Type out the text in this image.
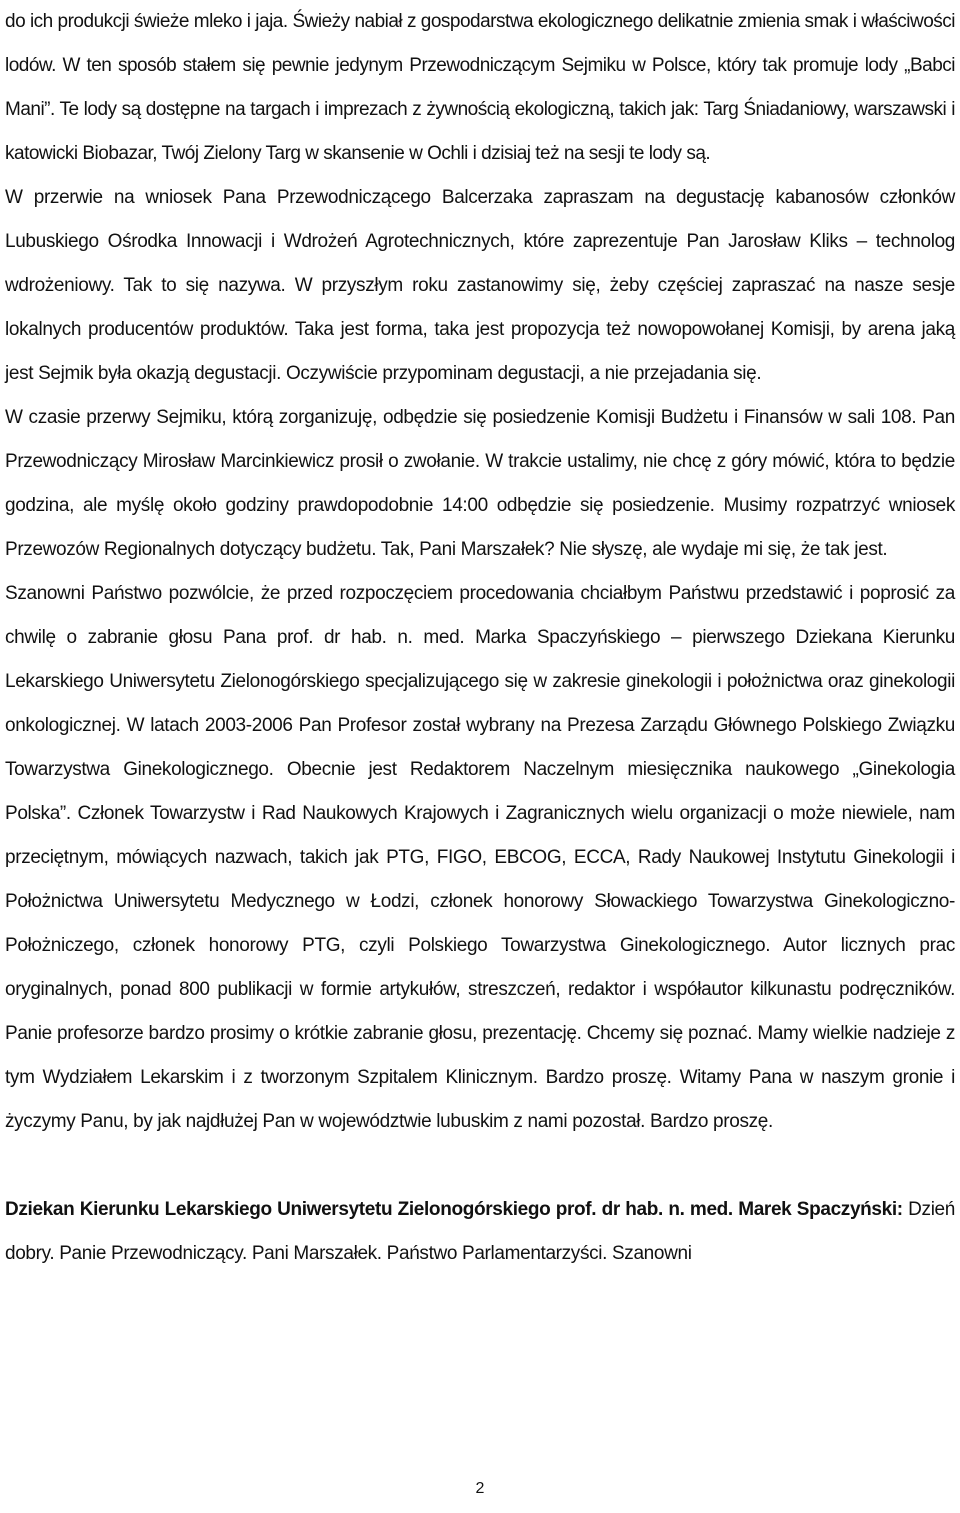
do ich produkcji świeże mleko i jaja. Świeży nabiał z gospodarstwa ekologicznego delikatnie zmienia smak i właściwości lodów. W ten sposób stałem się pewnie jedynym Przewodniczącym Sejmiku w Polsce, który tak promuje lody „Babci Mani”. Te lody są dostępne na targach i imprezach z żywnością ekologiczną, takich jak: Targ Śniadaniowy, warszawski i katowicki Biobazar, Twój Zielony Targ w skansenie w Ochli i dzisiaj też na sesji te lody są.

W przerwie na wniosek Pana Przewodniczącego Balcerzaka zapraszam na degustację kabanosów członków Lubuskiego Ośrodka Innowacji i Wdrożeń Agrotechnicznych, które zaprezentuje Pan Jarosław Kliks – technolog wdrożeniowy. Tak to się nazywa. W przyszłym roku zastanowimy się, żeby częściej zapraszać na nasze sesje lokalnych producentów produktów. Taka jest forma, taka jest propozycja też nowopowołanej Komisji, by arena jaką jest Sejmik była okazją degustacji. Oczywiście przypominam degustacji, a nie przejadania się.

W czasie przerwy Sejmiku, którą zorganizuję, odbędzie się posiedzenie Komisji Budżetu i Finansów w sali 108. Pan Przewodniczący Mirosław Marcinkiewicz prosił o zwołanie. W trakcie ustalimy, nie chcę z góry mówić, która to będzie godzina, ale myślę około godziny prawdopodobnie 14:00 odbędzie się posiedzenie. Musimy rozpatrzyć wniosek Przewozów Regionalnych dotyczący budżetu. Tak, Pani Marszałek? Nie słyszę, ale wydaje mi się, że tak jest.

Szanowni Państwo pozwólcie, że przed rozpoczęciem procedowania chciałbym Państwu przedstawić i poprosić za chwilę o zabranie głosu Pana prof. dr hab. n. med. Marka Spaczyńskiego – pierwszego Dziekana Kierunku Lekarskiego Uniwersytetu Zielonogórskiego specjalizującego się w zakresie ginekologii i położnictwa oraz ginekologii onkologicznej. W latach 2003-2006 Pan Profesor został wybrany na Prezesa Zarządu Głównego Polskiego Związku Towarzystwa Ginekologicznego. Obecnie jest Redaktorem Naczelnym miesięcznika naukowego „Ginekologia Polska”. Członek Towarzystw i Rad Naukowych Krajowych i Zagranicznych wielu organizacji o może niewiele, nam przeciętnym, mówiących nazwach, takich jak PTG, FIGO, EBCOG, ECCA, Rady Naukowej Instytutu Ginekologii i Położnictwa Uniwersytetu Medycznego w Łodzi, członek honorowy Słowackiego Towarzystwa Ginekologiczno-Położniczego, członek honorowy PTG, czyli Polskiego Towarzystwa Ginekologicznego. Autor licznych prac oryginalnych, ponad 800 publikacji w formie artykułów, streszczeń, redaktor i współautor kilkunastu podręczników. Panie profesorze bardzo prosimy o krótkie zabranie głosu, prezentację. Chcemy się poznać. Mamy wielkie nadzieje z tym Wydziałem Lekarskim i z tworzonym Szpitalem Klinicznym. Bardzo proszę. Witamy Pana w naszym gronie i życzymy Panu, by jak najdłużej Pan w województwie lubuskim z nami pozostał. Bardzo proszę.

Dziekan Kierunku Lekarskiego Uniwersytetu Zielonogórskiego prof. dr hab. n. med. Marek Spaczyński: Dzień dobry. Panie Przewodniczący. Pani Marszałek. Państwo Parlamentarzyści. Szanowni

2
